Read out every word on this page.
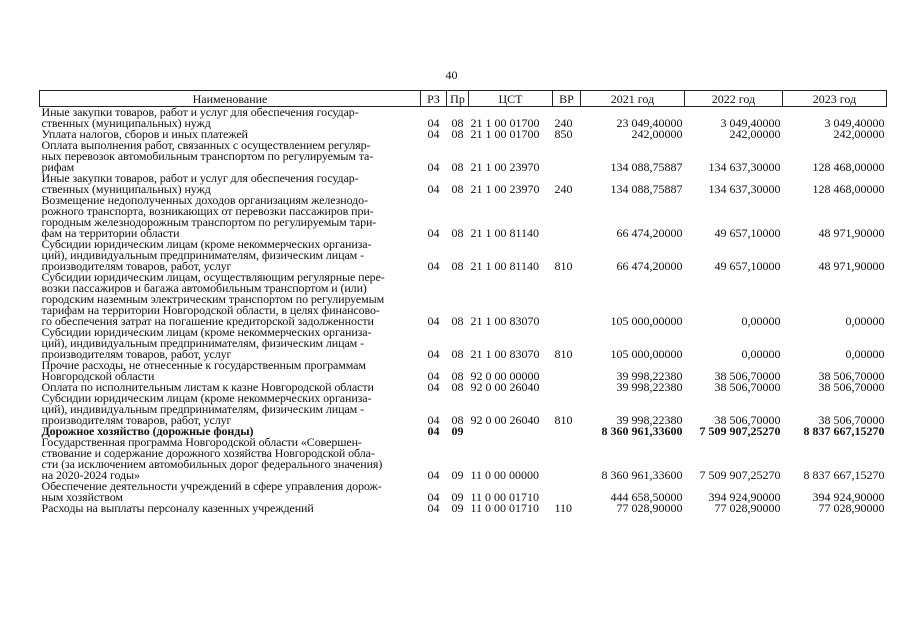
40
Наименование	РЗ	Пр	ЦСТ	ВР	2021 год	2022 год	2023 год
Иные закупки товаров, работ и услуг для обеспечения государ-
ственных (муниципальных) нужд	04	08	21 1 00 01700	240	23 049,40000	3 049,40000	3 049,40000
Уплата налогов, сборов и иных платежей	04	08	21 1 00 01700	850	242,00000	242,00000	242,00000
Оплата выполнения работ, связанных с осуществлением регуляр-
ных перевозок автомобильным транспортом по регулируемым та-
рифам	04	08	21 1 00 23970		134 088,75887	134 637,30000	128 468,00000
Иные закупки товаров, работ и услуг для обеспечения государ-
ственных (муниципальных) нужд	04	08	21 1 00 23970	240	134 088,75887	134 637,30000	128 468,00000
Возмещение недополученных доходов организациям железнодо-
рожного транспорта, возникающих от перевозки пассажиров при-
городным железнодорожным транспортом по регулируемым тари-
фам на территории области	04	08	21 1 00 81140		66 474,20000	49 657,10000	48 971,90000
Субсидии юридическим лицам (кроме некоммерческих организа-
ций), индивидуальным предпринимателям, физическим лицам -
производителям товаров, работ, услуг	04	08	21 1 00 81140	810	66 474,20000	49 657,10000	48 971,90000
Субсидии юридическим лицам, осуществляющим регулярные пере-
возки пассажиров и багажа автомобильным транспортом и (или)
городским наземным электрическим транспортом по регулируемым
тарифам на территории Новгородской области, в целях финансово-
го обеспечения затрат на погашение кредиторской задолженности	04	08	21 1 00 83070		105 000,00000	0,00000	0,00000
Субсидии юридическим лицам (кроме некоммерческих организа-
ций), индивидуальным предпринимателям, физическим лицам -
производителям товаров, работ, услуг	04	08	21 1 00 83070	810	105 000,00000	0,00000	0,00000
Прочие расходы, не отнесенные к государственным программам
Новгородской области	04	08	92 0 00 00000		39 998,22380	38 506,70000	38 506,70000
Оплата по исполнительным листам к казне Новгородской области	04	08	92 0 00 26040		39 998,22380	38 506,70000	38 506,70000
Субсидии юридическим лицам (кроме некоммерческих организа-
ций), индивидуальным предпринимателям, физическим лицам -
производителям товаров, работ, услуг	04	08	92 0 00 26040	810	39 998,22380	38 506,70000	38 506,70000
Дорожное хозяйство (дорожные фонды)	04	09			8 360 961,33600	7 509 907,25270	8 837 667,15270
Государственная программа Новгородской области «Совершен-
ствование и содержание дорожного хозяйства Новгородской обла-
сти (за исключением автомобильных дорог федерального значения)
на 2020-2024 годы»	04	09	11 0 00 00000		8 360 961,33600	7 509 907,25270	8 837 667,15270
Обеспечение деятельности учреждений в сфере управления дорож-
ным хозяйством	04	09	11 0 00 01710		444 658,50000	394 924,90000	394 924,90000
Расходы на выплаты персоналу казенных учреждений	04	09	11 0 00 01710	110	77 028,90000	77 028,90000	77 028,90000
